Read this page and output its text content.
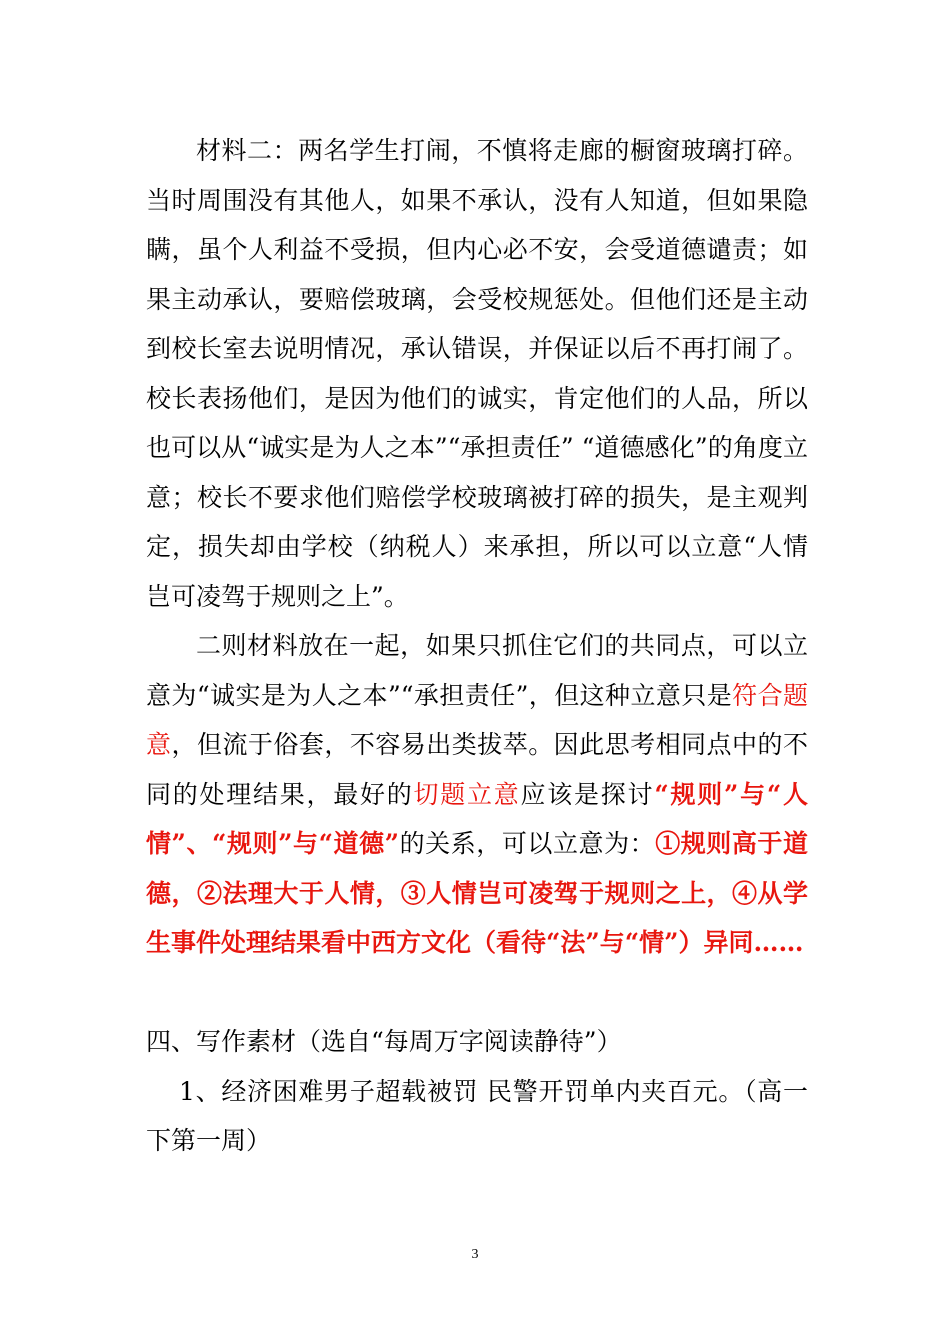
材料二：两名学生打闹，不慎将走廊的橱窗玻璃打碎。当时周围没有其他人，如果不承认，没有人知道，但如果隐瞒，虽个人利益不受损，但内心必不安，会受道德谴责；如果主动承认，要赔偿玻璃，会受校规惩处。但他们还是主动到校长室去说明情况，承认错误，并保证以后不再打闹了。校长表扬他们，是因为他们的诚实，肯定他们的人品，所以也可以从“诚实是为人之本”“承担责任” “道德感化”的角度立意；校长不要求他们赔偿学校玻璃被打碎的损失，是主观判定，损失却由学校（纳税人）来承担，所以可以立意“人情岂可凌驾于规则之上”。

二则材料放在一起，如果只抓住它们的共同点，可以立意为“诚实是为人之本”“承担责任”，但这种立意只是符合题意，但流于俗套，不容易出类拔萃。因此思考相同点中的不同的处理结果，最好的切题立意应该是探讨“规则”与“人情”、“规则”与“道德”的关系，可以立意为：①规则高于道德，②法理大于人情，③人情岂可凌驾于规则之上，④从学生事件处理结果看中西方文化（看待“法”与“情”）异同……

四、写作素材（选自“每周万字阅读静待”）

1、经济困难男子超载被罚 民警开罚单内夹百元。（高一下第一周）

3
